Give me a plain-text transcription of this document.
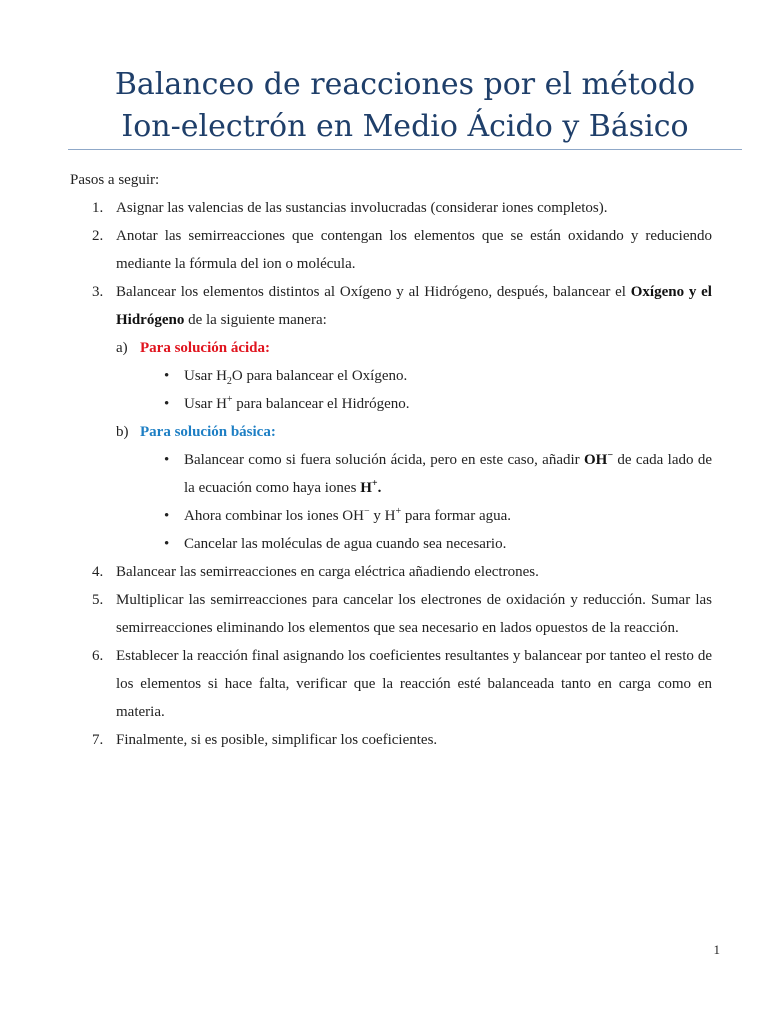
Balanceo de reacciones por el método
Ion-electrón en Medio Ácido y Básico

Pasos a seguir:

1. Asignar las valencias de las sustancias involucradas (considerar iones completos).
2. Anotar las semirreacciones que contengan los elementos que se están oxidando y reduciendo mediante la fórmula del ion o molécula.
3. Balancear los elementos distintos al Oxígeno y al Hidrógeno, después, balancear el Oxígeno y el Hidrógeno de la siguiente manera:
a) Para solución ácida:
• Usar $H_2O$ para balancear el Oxígeno.
• Usar H+ para balancear el Hidrógeno.
b) Para solución básica:
• Balancear como si fuera solución ácida, pero en este caso, añadir OH− de cada lado de la ecuación como haya iones H+.
• Ahora combinar los iones OH− y H+ para formar agua.
• Cancelar las moléculas de agua cuando sea necesario.
4. Balancear las semirreacciones en carga eléctrica añadiendo electrones.
5. Multiplicar las semirreacciones para cancelar los electrones de oxidación y reducción. Sumar las semirreacciones eliminando los elementos que sea necesario en lados opuestos de la reacción.
6. Establecer la reacción final asignando los coeficientes resultantes y balancear por tanteo el resto de los elementos si hace falta, verificar que la reacción esté balanceada tanto en carga como en materia.
7. Finalmente, si es posible, simplificar los coeficientes.
1
